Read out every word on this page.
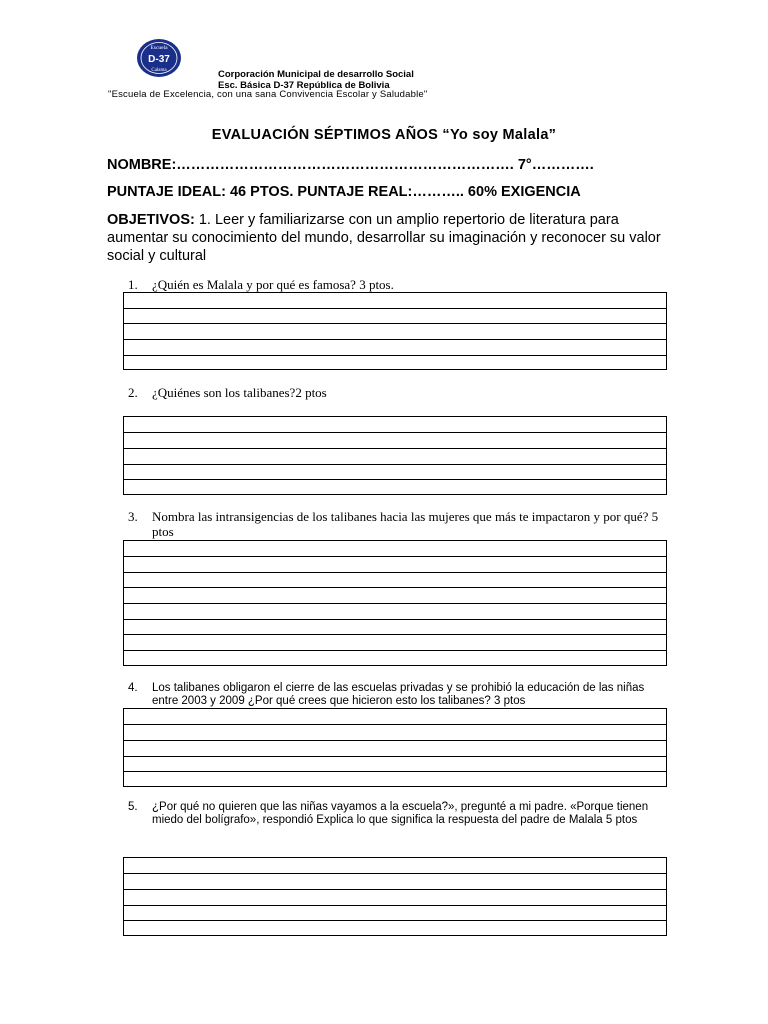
Escuela
D-37
Calama	Corporación Municipal de desarrollo Social
Esc. Básica D-37 República de Bolivia
"Escuela de Excelencia, con una sana Convivencia Escolar y Saludable"
EVALUACIÓN SÉPTIMOS AÑOS “Yo soy Malala”
NOMBRE:……………………………………………………………. 7°………….
PUNTAJE IDEAL: 46 PTOS. PUNTAJE REAL:……….. 60% EXIGENCIA
OBJETIVOS: 1. Leer y familiarizarse con un amplio repertorio de literatura para aumentar su conocimiento del mundo, desarrollar su imaginación y reconocer su valor social y cultural
1.	¿Quién es Malala y por qué es famosa? 3 ptos.
2.	¿Quiénes son los talibanes?2 ptos
3.	Nombra las intransigencias de los talibanes hacia las mujeres que más te impactaron y por qué? 5 ptos
4.	Los talibanes obligaron el cierre de las escuelas privadas y se prohibió la educación de las niñas entre 2003 y 2009 ¿Por qué crees que hicieron esto los talibanes? 3 ptos
5.	¿Por qué no quieren que las niñas vayamos a la escuela?», pregunté a mi padre. «Porque tienen miedo del bolígrafo», respondió Explica lo que significa la respuesta del padre de Malala 5 ptos
